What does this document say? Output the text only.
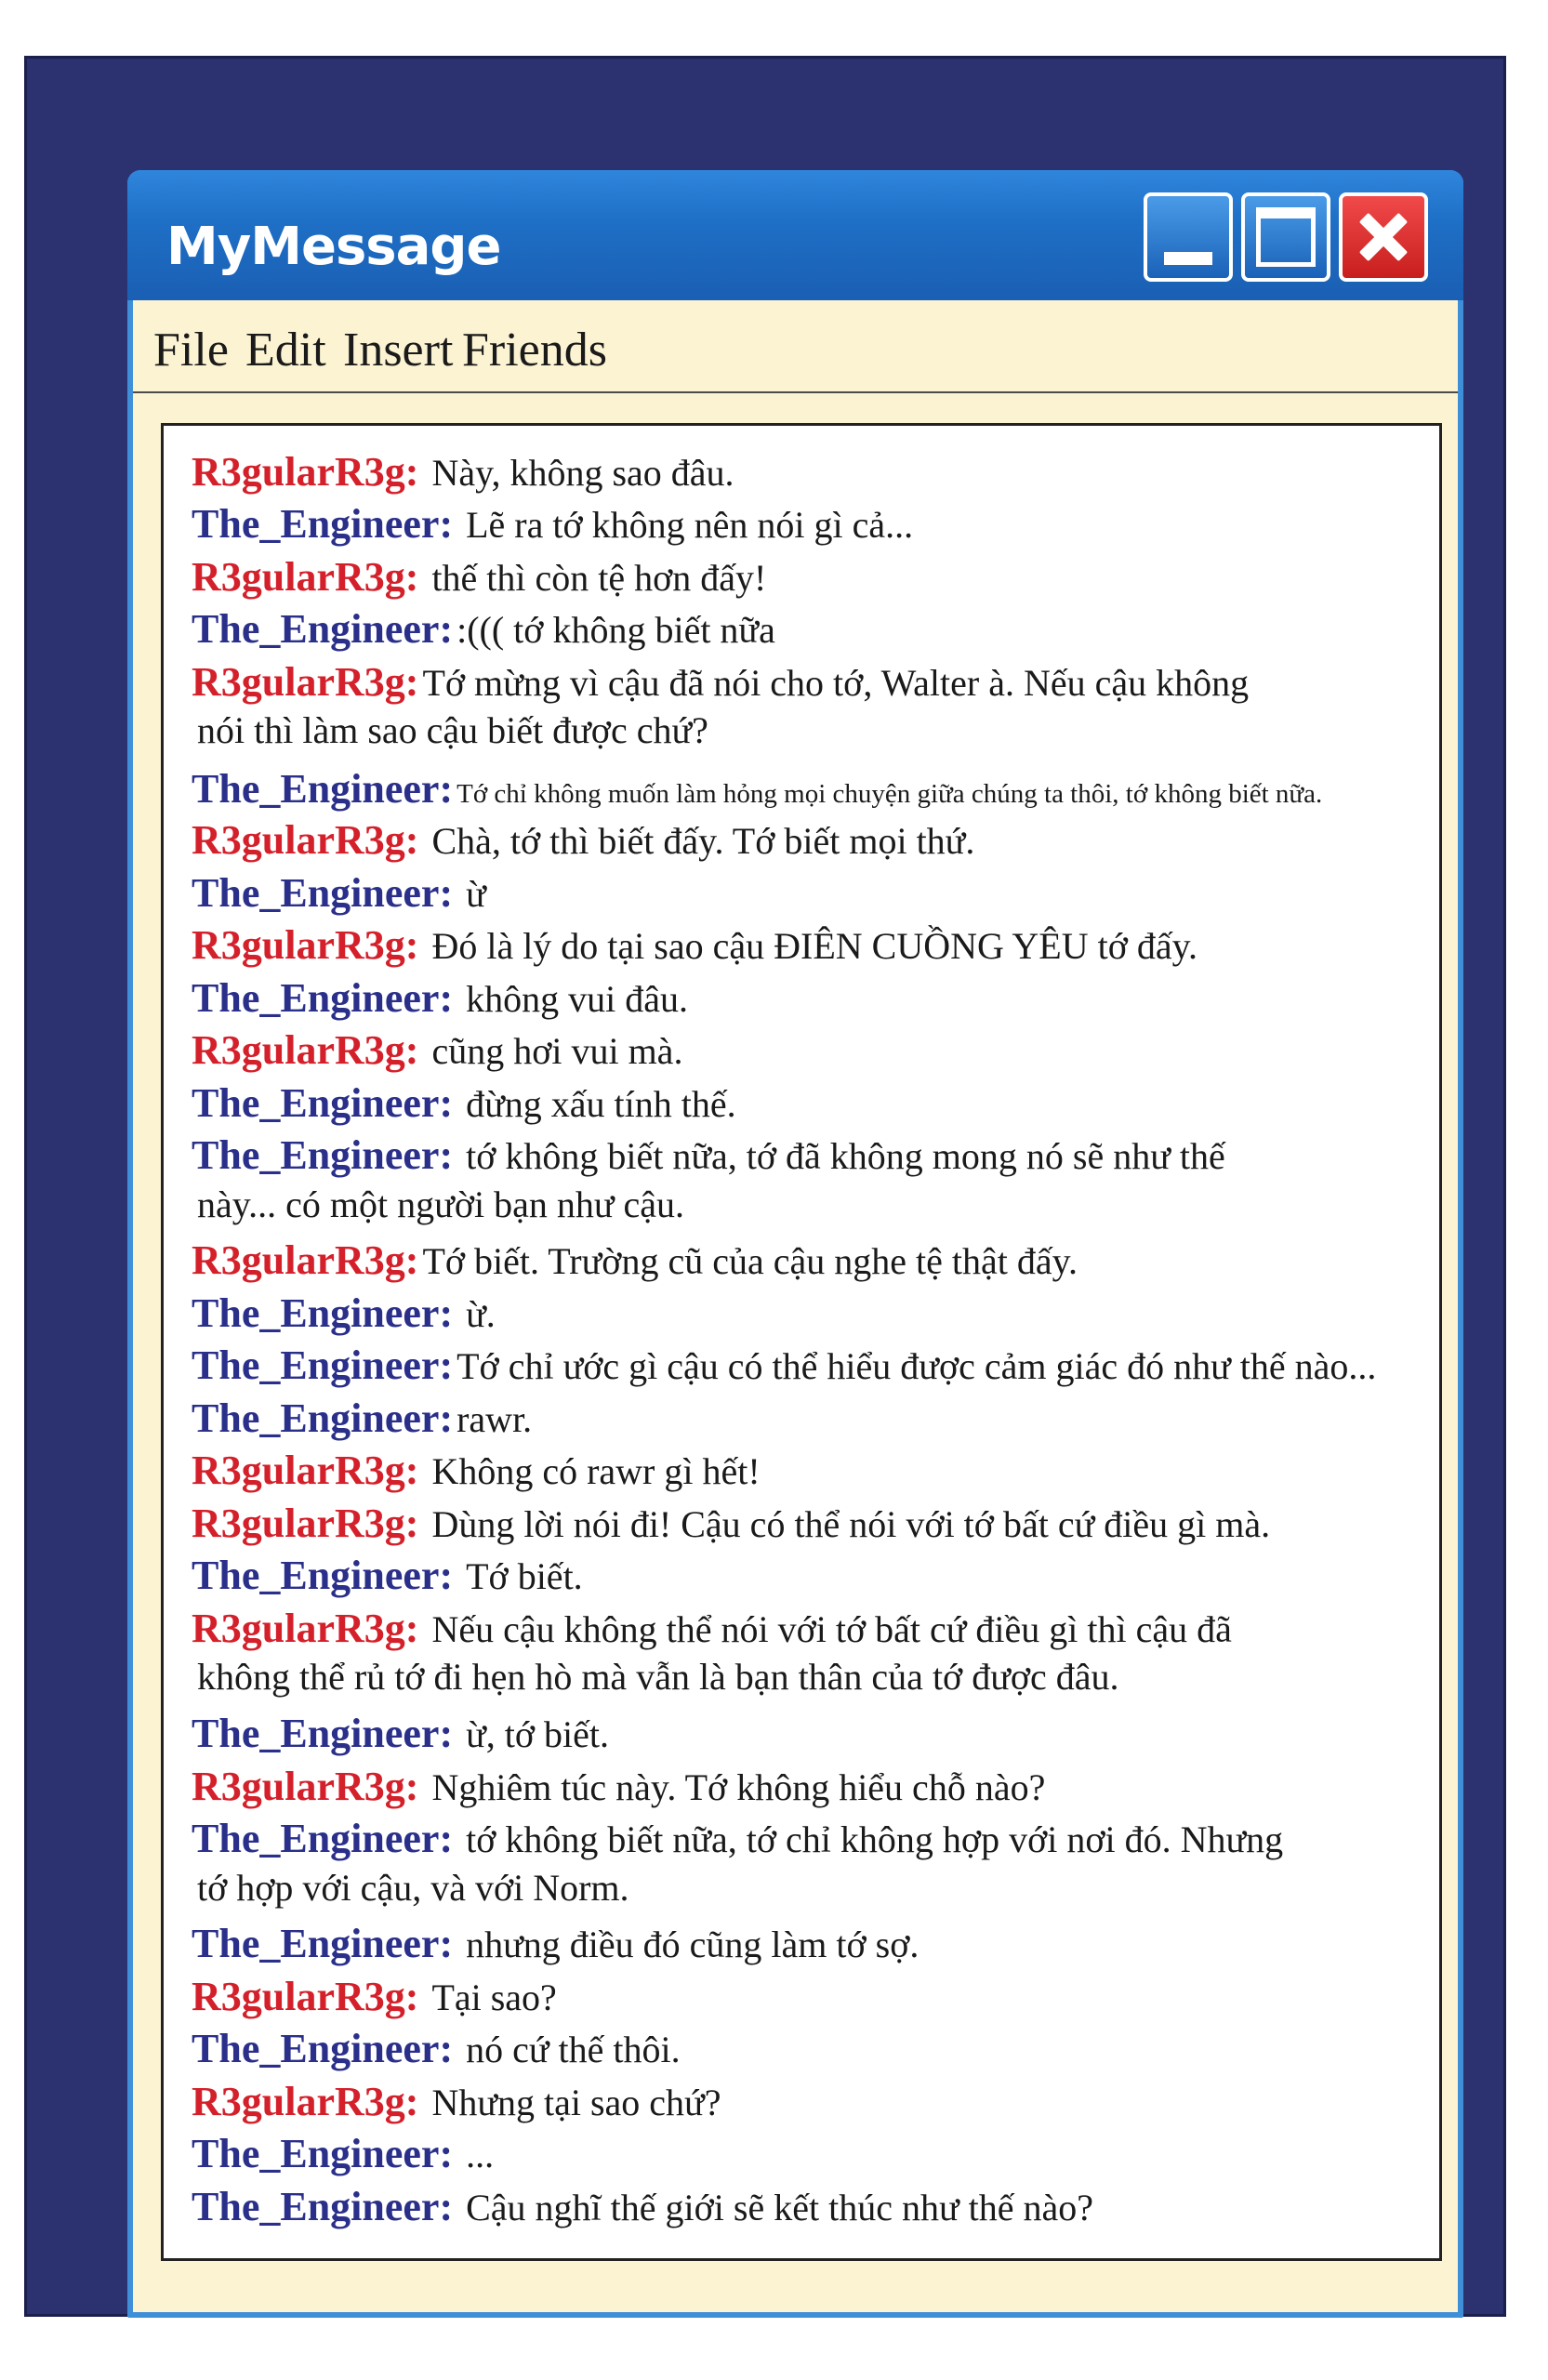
MyMessage
File Edit Insert Friends
R3gularR3g: Này, không sao đâu.
The_Engineer: Lẽ ra tớ không nên nói gì cả...
R3gularR3g: thế thì còn tệ hơn đấy!
The_Engineer: :((( tớ không biết nữa
R3gularR3g: Tớ mừng vì cậu đã nói cho tớ, Walter à. Nếu cậu không
nói thì làm sao cậu biết được chứ?
The_Engineer: Tớ chỉ không muốn làm hỏng mọi chuyện giữa chúng ta thôi, tớ không biết nữa.
R3gularR3g: Chà, tớ thì biết đấy. Tớ biết mọi thứ.
The_Engineer: ừ
R3gularR3g: Đó là lý do tại sao cậu ĐIÊN CUỒNG YÊU tớ đấy.
The_Engineer: không vui đâu.
R3gularR3g: cũng hơi vui mà.
The_Engineer: đừng xấu tính thế.
The_Engineer: tớ không biết nữa, tớ đã không mong nó sẽ như thế
này... có một người bạn như cậu.
R3gularR3g: Tớ biết. Trường cũ của cậu nghe tệ thật đấy.
The_Engineer: ừ.
The_Engineer: Tớ chỉ ước gì cậu có thể hiểu được cảm giác đó như thế nào...
The_Engineer: rawr.
R3gularR3g: Không có rawr gì hết!
R3gularR3g: Dùng lời nói đi! Cậu có thể nói với tớ bất cứ điều gì mà.
The_Engineer: Tớ biết.
R3gularR3g: Nếu cậu không thể nói với tớ bất cứ điều gì thì cậu đã
không thể rủ tớ đi hẹn hò mà vẫn là bạn thân của tớ được đâu.
The_Engineer: ừ, tớ biết.
R3gularR3g: Nghiêm túc này. Tớ không hiểu chỗ nào?
The_Engineer: tớ không biết nữa, tớ chỉ không hợp với nơi đó. Nhưng
tớ hợp với cậu, và với Norm.
The_Engineer: nhưng điều đó cũng làm tớ sợ.
R3gularR3g: Tại sao?
The_Engineer: nó cứ thế thôi.
R3gularR3g: Nhưng tại sao chứ?
The_Engineer: ...
The_Engineer: Cậu nghĩ thế giới sẽ kết thúc như thế nào?
